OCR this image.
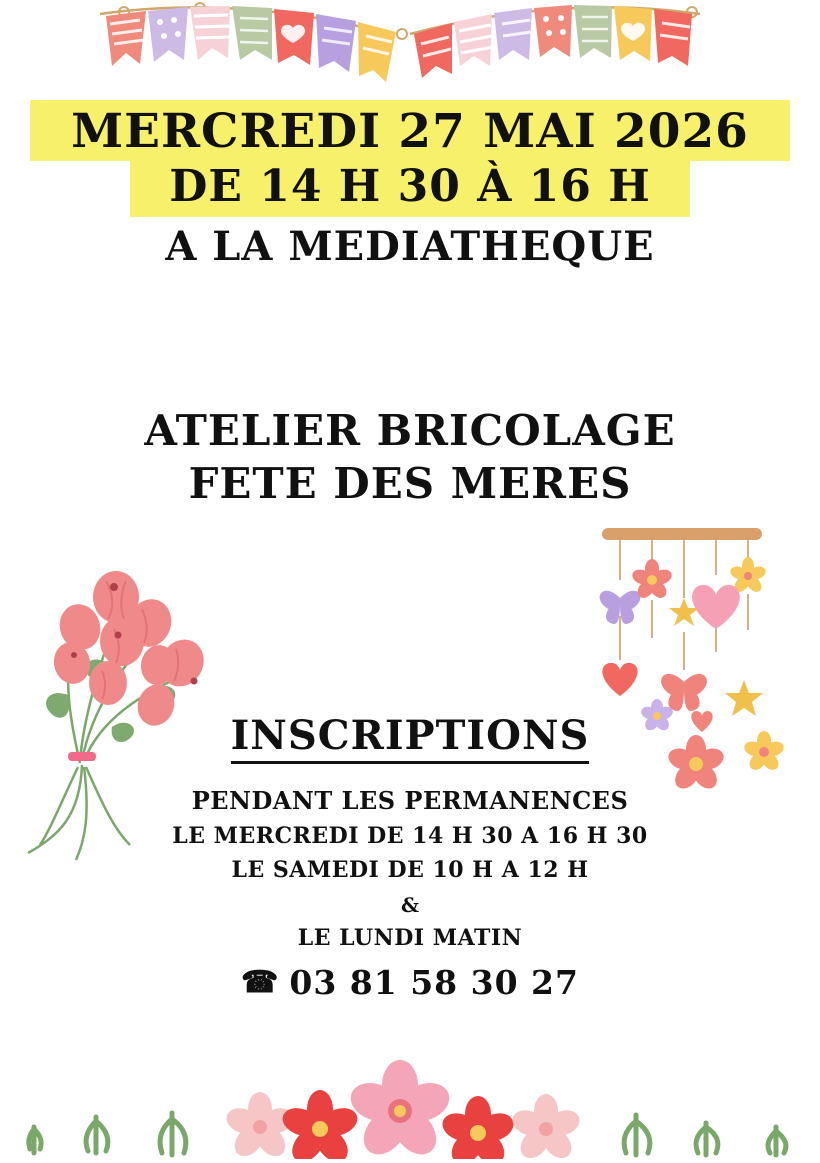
MERCREDI 27 MAI 2026
DE 14 H 30 À 16 H
A LA MEDIATHEQUE
ATELIER BRICOLAGE
FETE DES MERES
INSCRIPTIONS
PENDANT LES PERMANENCES
LE MERCREDI DE 14 H 30 A 16 H 30
LE SAMEDI DE 10 H A 12 H
&
LE LUNDI MATIN
☎ 03 81 58 30 27
